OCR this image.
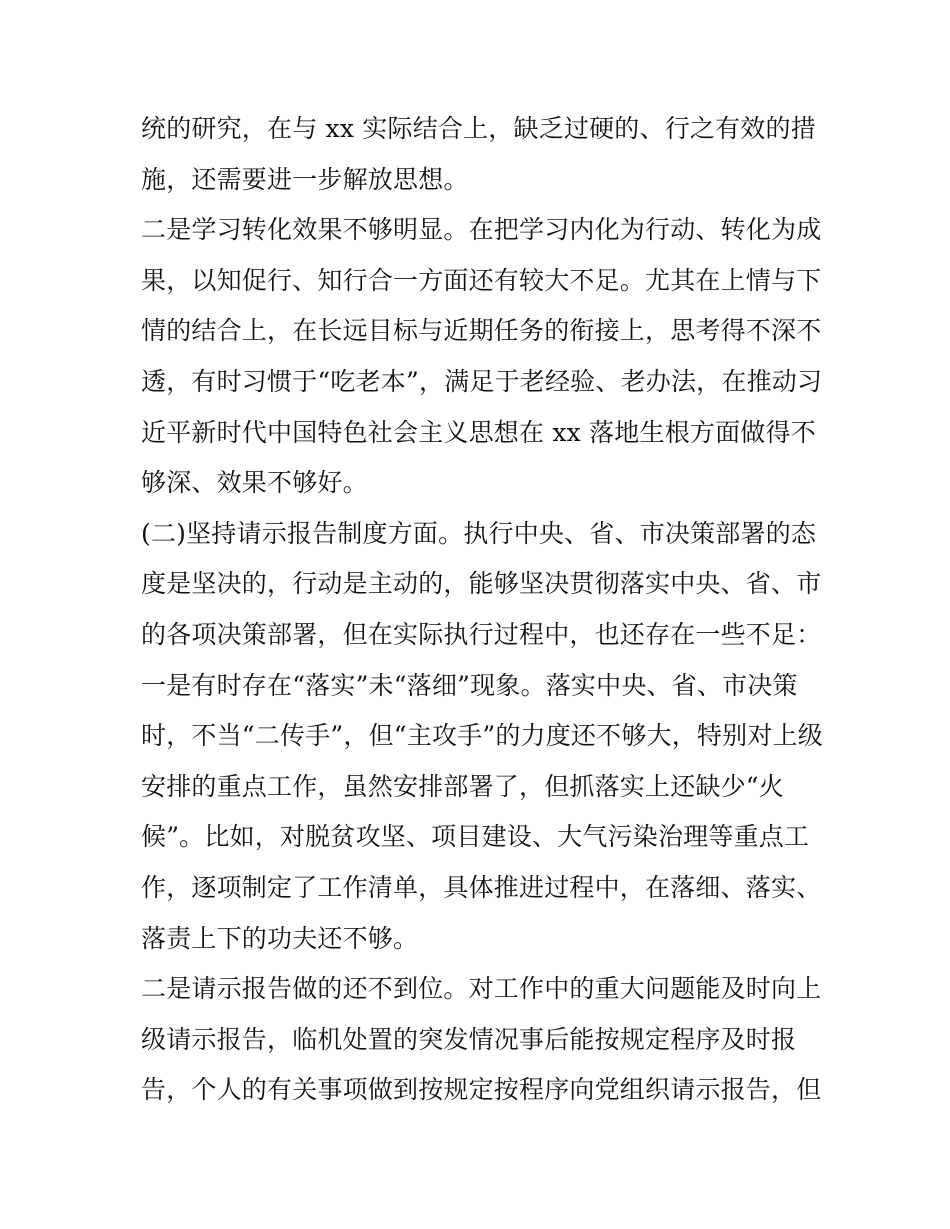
统的研究，在与 xx 实际结合上，缺乏过硬的、行之有效的措
施，还需要进一步解放思想。
二是学习转化效果不够明显。在把学习内化为行动、转化为成
果，以知促行、知行合一方面还有较大不足。尤其在上情与下
情的结合上，在长远目标与近期任务的衔接上，思考得不深不
透，有时习惯于“吃老本”，满足于老经验、老办法，在推动习
近平新时代中国特色社会主义思想在 xx 落地生根方面做得不
够深、效果不够好。
(二)坚持请示报告制度方面。执行中央、省、市决策部署的态
度是坚决的，行动是主动的，能够坚决贯彻落实中央、省、市
的各项决策部署，但在实际执行过程中，也还存在一些不足：
一是有时存在“落实”未“落细”现象。落实中央、省、市决策
时，不当“二传手”，但“主攻手”的力度还不够大，特别对上级
安排的重点工作，虽然安排部署了，但抓落实上还缺少“火
候”。比如，对脱贫攻坚、项目建设、大气污染治理等重点工
作，逐项制定了工作清单，具体推进过程中，在落细、落实、
落责上下的功夫还不够。
二是请示报告做的还不到位。对工作中的重大问题能及时向上
级请示报告，临机处置的突发情况事后能按规定程序及时报
告，个人的有关事项做到按规定按程序向党组织请示报告，但
